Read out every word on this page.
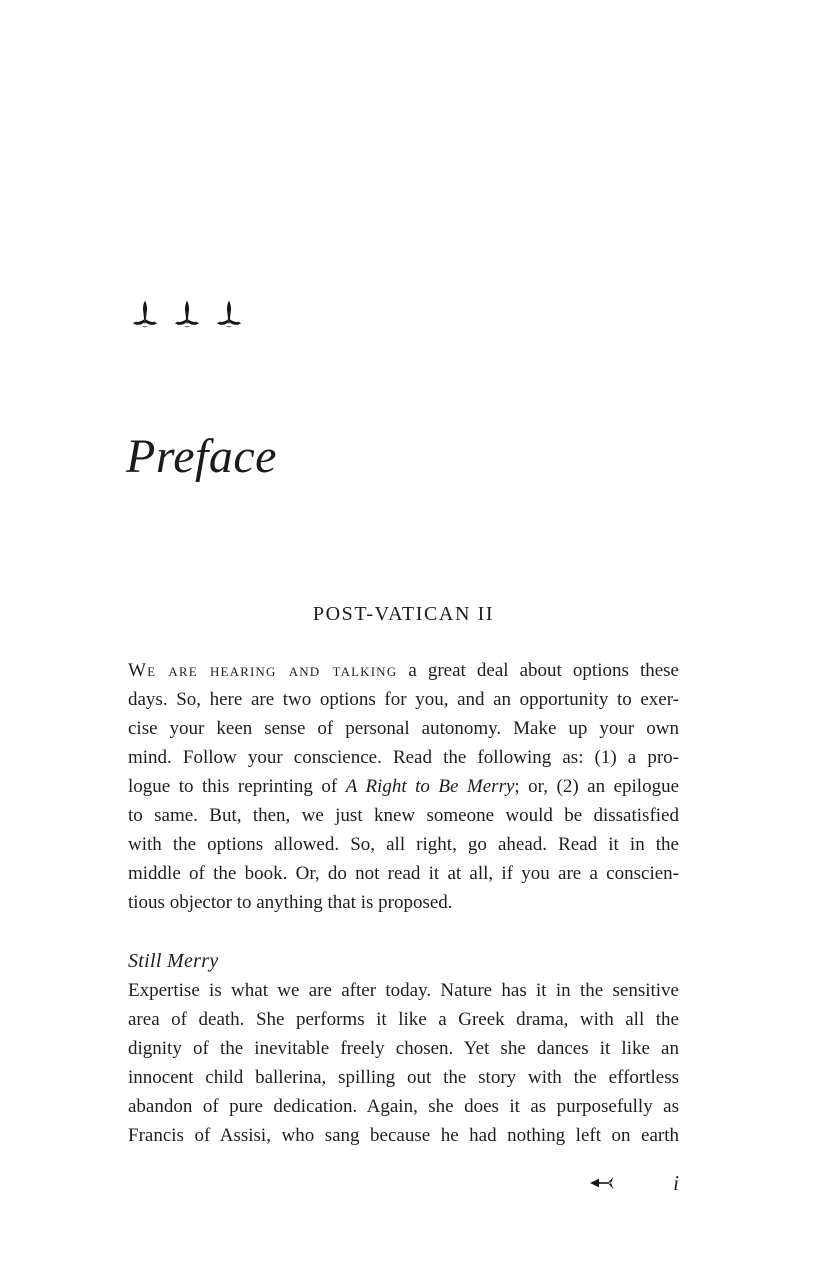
Preface
POST-VATICAN II
We are hearing and talking a great deal about options these
days. So, here are two options for you, and an opportunity to exer-
cise your keen sense of personal autonomy. Make up your own
mind. Follow your conscience. Read the following as: (1) a pro-
logue to this reprinting of A Right to Be Merry; or, (2) an epilogue
to same. But, then, we just knew someone would be dissatisfied
with the options allowed. So, all right, go ahead. Read it in the
middle of the book. Or, do not read it at all, if you are a conscien-
tious objector to anything that is proposed.
Still Merry
Expertise is what we are after today. Nature has it in the sensitive
area of death. She performs it like a Greek drama, with all the
dignity of the inevitable freely chosen. Yet she dances it like an
innocent child ballerina, spilling out the story with the effortless
abandon of pure dedication. Again, she does it as purposefully as
Francis of Assisi, who sang because he had nothing left on earth
i
